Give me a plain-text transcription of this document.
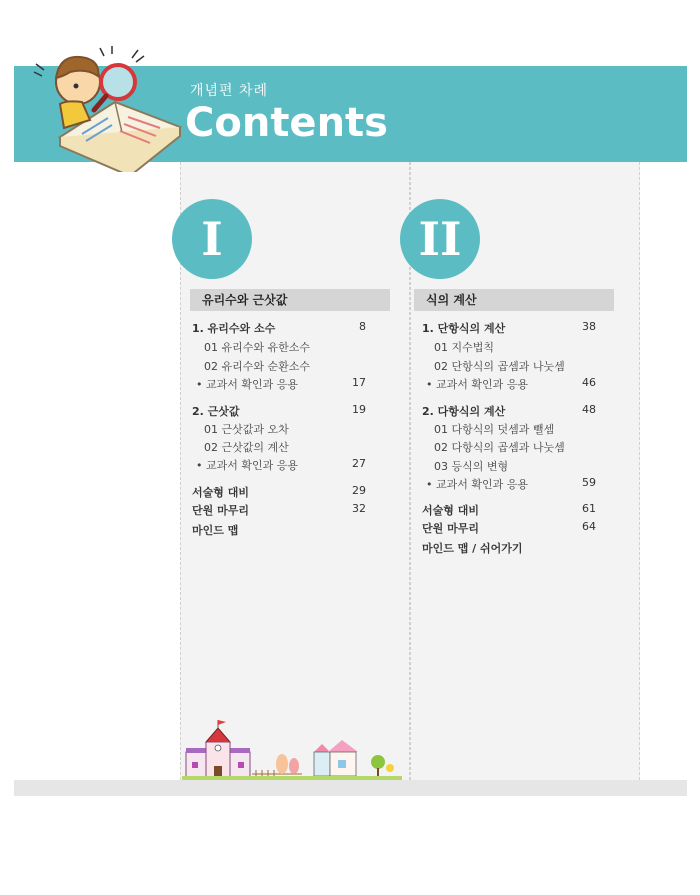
개념편 차례
Contents
I	II
유리수와 근삿값	식의 계산
1. 유리수와 소수	8
01 유리수와 유한소수
02 유리수와 순환소수
• 교과서 확인과 응용	17
2. 근삿값	19
01 근삿값과 오차
02 근삿값의 계산
• 교과서 확인과 응용	27
서술형 대비	29
단원 마무리	32
마인드 맵
1. 단항식의 계산	38
01 지수법칙
02 단항식의 곱셈과 나눗셈
• 교과서 확인과 응용	46
2. 다항식의 계산	48
01 다항식의 덧셈과 뺄셈
02 다항식의 곱셈과 나눗셈
03 등식의 변형
• 교과서 확인과 응용	59
서술형 대비	61
단원 마무리	64
마인드 맵 / 쉬어가기
